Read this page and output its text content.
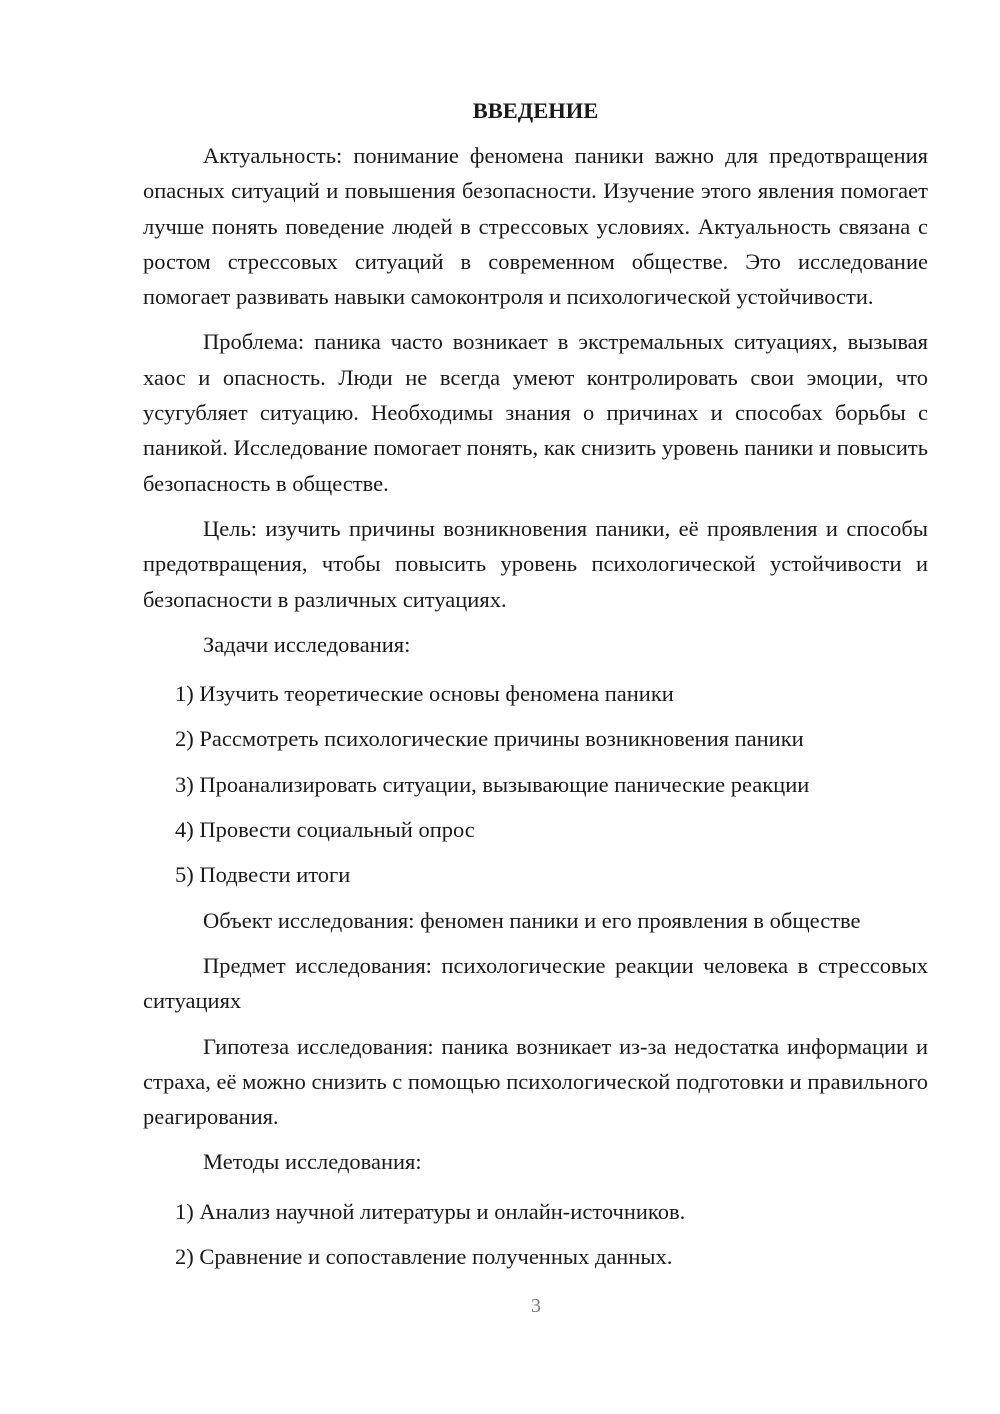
ВВЕДЕНИЕ

Актуальность: понимание феномена паники важно для предотвращения опасных ситуаций и повышения безопасности. Изучение этого явления помогает лучше понять поведение людей в стрессовых условиях. Актуальность связана с ростом стрессовых ситуаций в современном обществе. Это исследование помогает развивать навыки самоконтроля и психологической устойчивости.

Проблема: паника часто возникает в экстремальных ситуациях, вызывая хаос и опасность. Люди не всегда умеют контролировать свои эмоции, что усугубляет ситуацию. Необходимы знания о причинах и способах борьбы с паникой. Исследование помогает понять, как снизить уровень паники и повысить безопасность в обществе.

Цель: изучить причины возникновения паники, её проявления и способы предотвращения, чтобы повысить уровень психологической устойчивости и безопасности в различных ситуациях.

Задачи исследования:

1) Изучить теоретические основы феномена паники
2) Рассмотреть психологические причины возникновения паники
3) Проанализировать ситуации, вызывающие панические реакции
4) Провести социальный опрос
5) Подвести итоги

Объект исследования: феномен паники и его проявления в обществе

Предмет исследования: психологические реакции человека в стрессовых ситуациях

Гипотеза исследования: паника возникает из-за недостатка информации и страха, её можно снизить с помощью психологической подготовки и правильного реагирования.

Методы исследования:

1) Анализ научной литературы и онлайн-источников.
2) Сравнение и сопоставление полученных данных.
3
